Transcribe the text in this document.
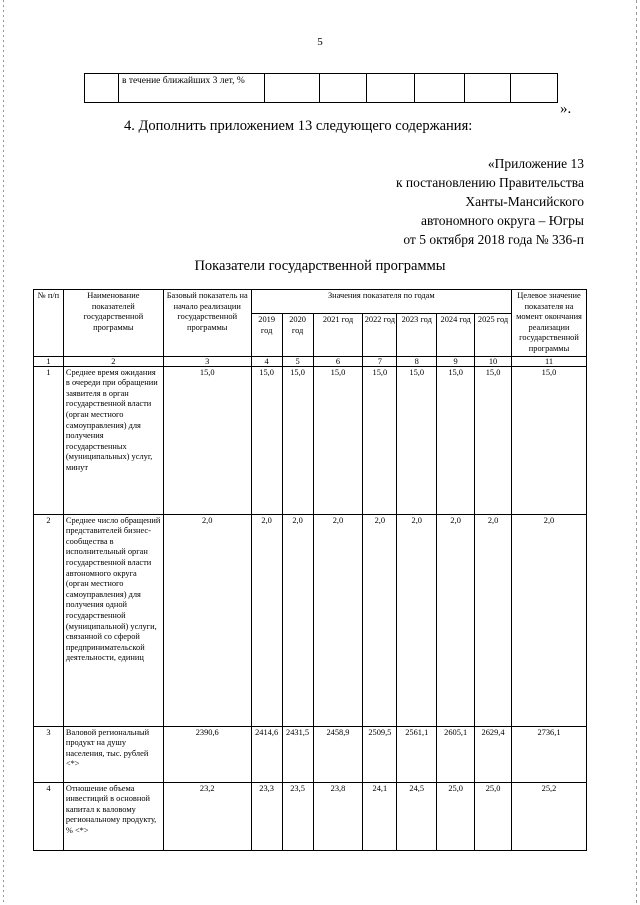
5
	в течение ближайших 3 лет, %						
».
4. Дополнить приложением 13 следующего содержания:
«Приложение 13
к постановлению Правительства
Ханты-Мансийского
автономного округа – Югры
от 5 октября 2018 года № 336-п
Показатели государственной программы
№ п/п	Наименование показателей государственной программы	Базовый показатель на начало реализации государственной программы	Значения показателя по годам							Целевое значение показателя на момент окончания реализации государственной программы
			2019 год	2020 год	2021 год	2022 год	2023 год	2024 год	2025 год	
1	2	3	4	5	6	7	8	9	10	11
1	Среднее время ожидания в очереди при обращении заявителя в орган государственной власти (орган местного самоуправления) для получения государственных (муниципальных) услуг, минут	15,0	15,0	15,0	15,0	15,0	15,0	15,0	15,0	15,0
2	Среднее число обращений представителей бизнес-сообщества в исполнительный орган государственной власти автономного округа (орган местного самоуправления) для получения одной государственной (муниципальной) услуги, связанной со сферой предпринимательской деятельности, единиц	2,0	2,0	2,0	2,0	2,0	2,0	2,0	2,0	2,0
3	Валовой региональный продукт на душу населения, тыс. рублей <*>	2390,6	2414,6	2431,5	2458,9	2509,5	2561,1	2605,1	2629,4	2736,1
4	Отношение объема инвестиций в основной капитал к валовому региональному продукту, % <*>	23,2	23,3	23,5	23,8	24,1	24,5	25,0	25,0	25,2
